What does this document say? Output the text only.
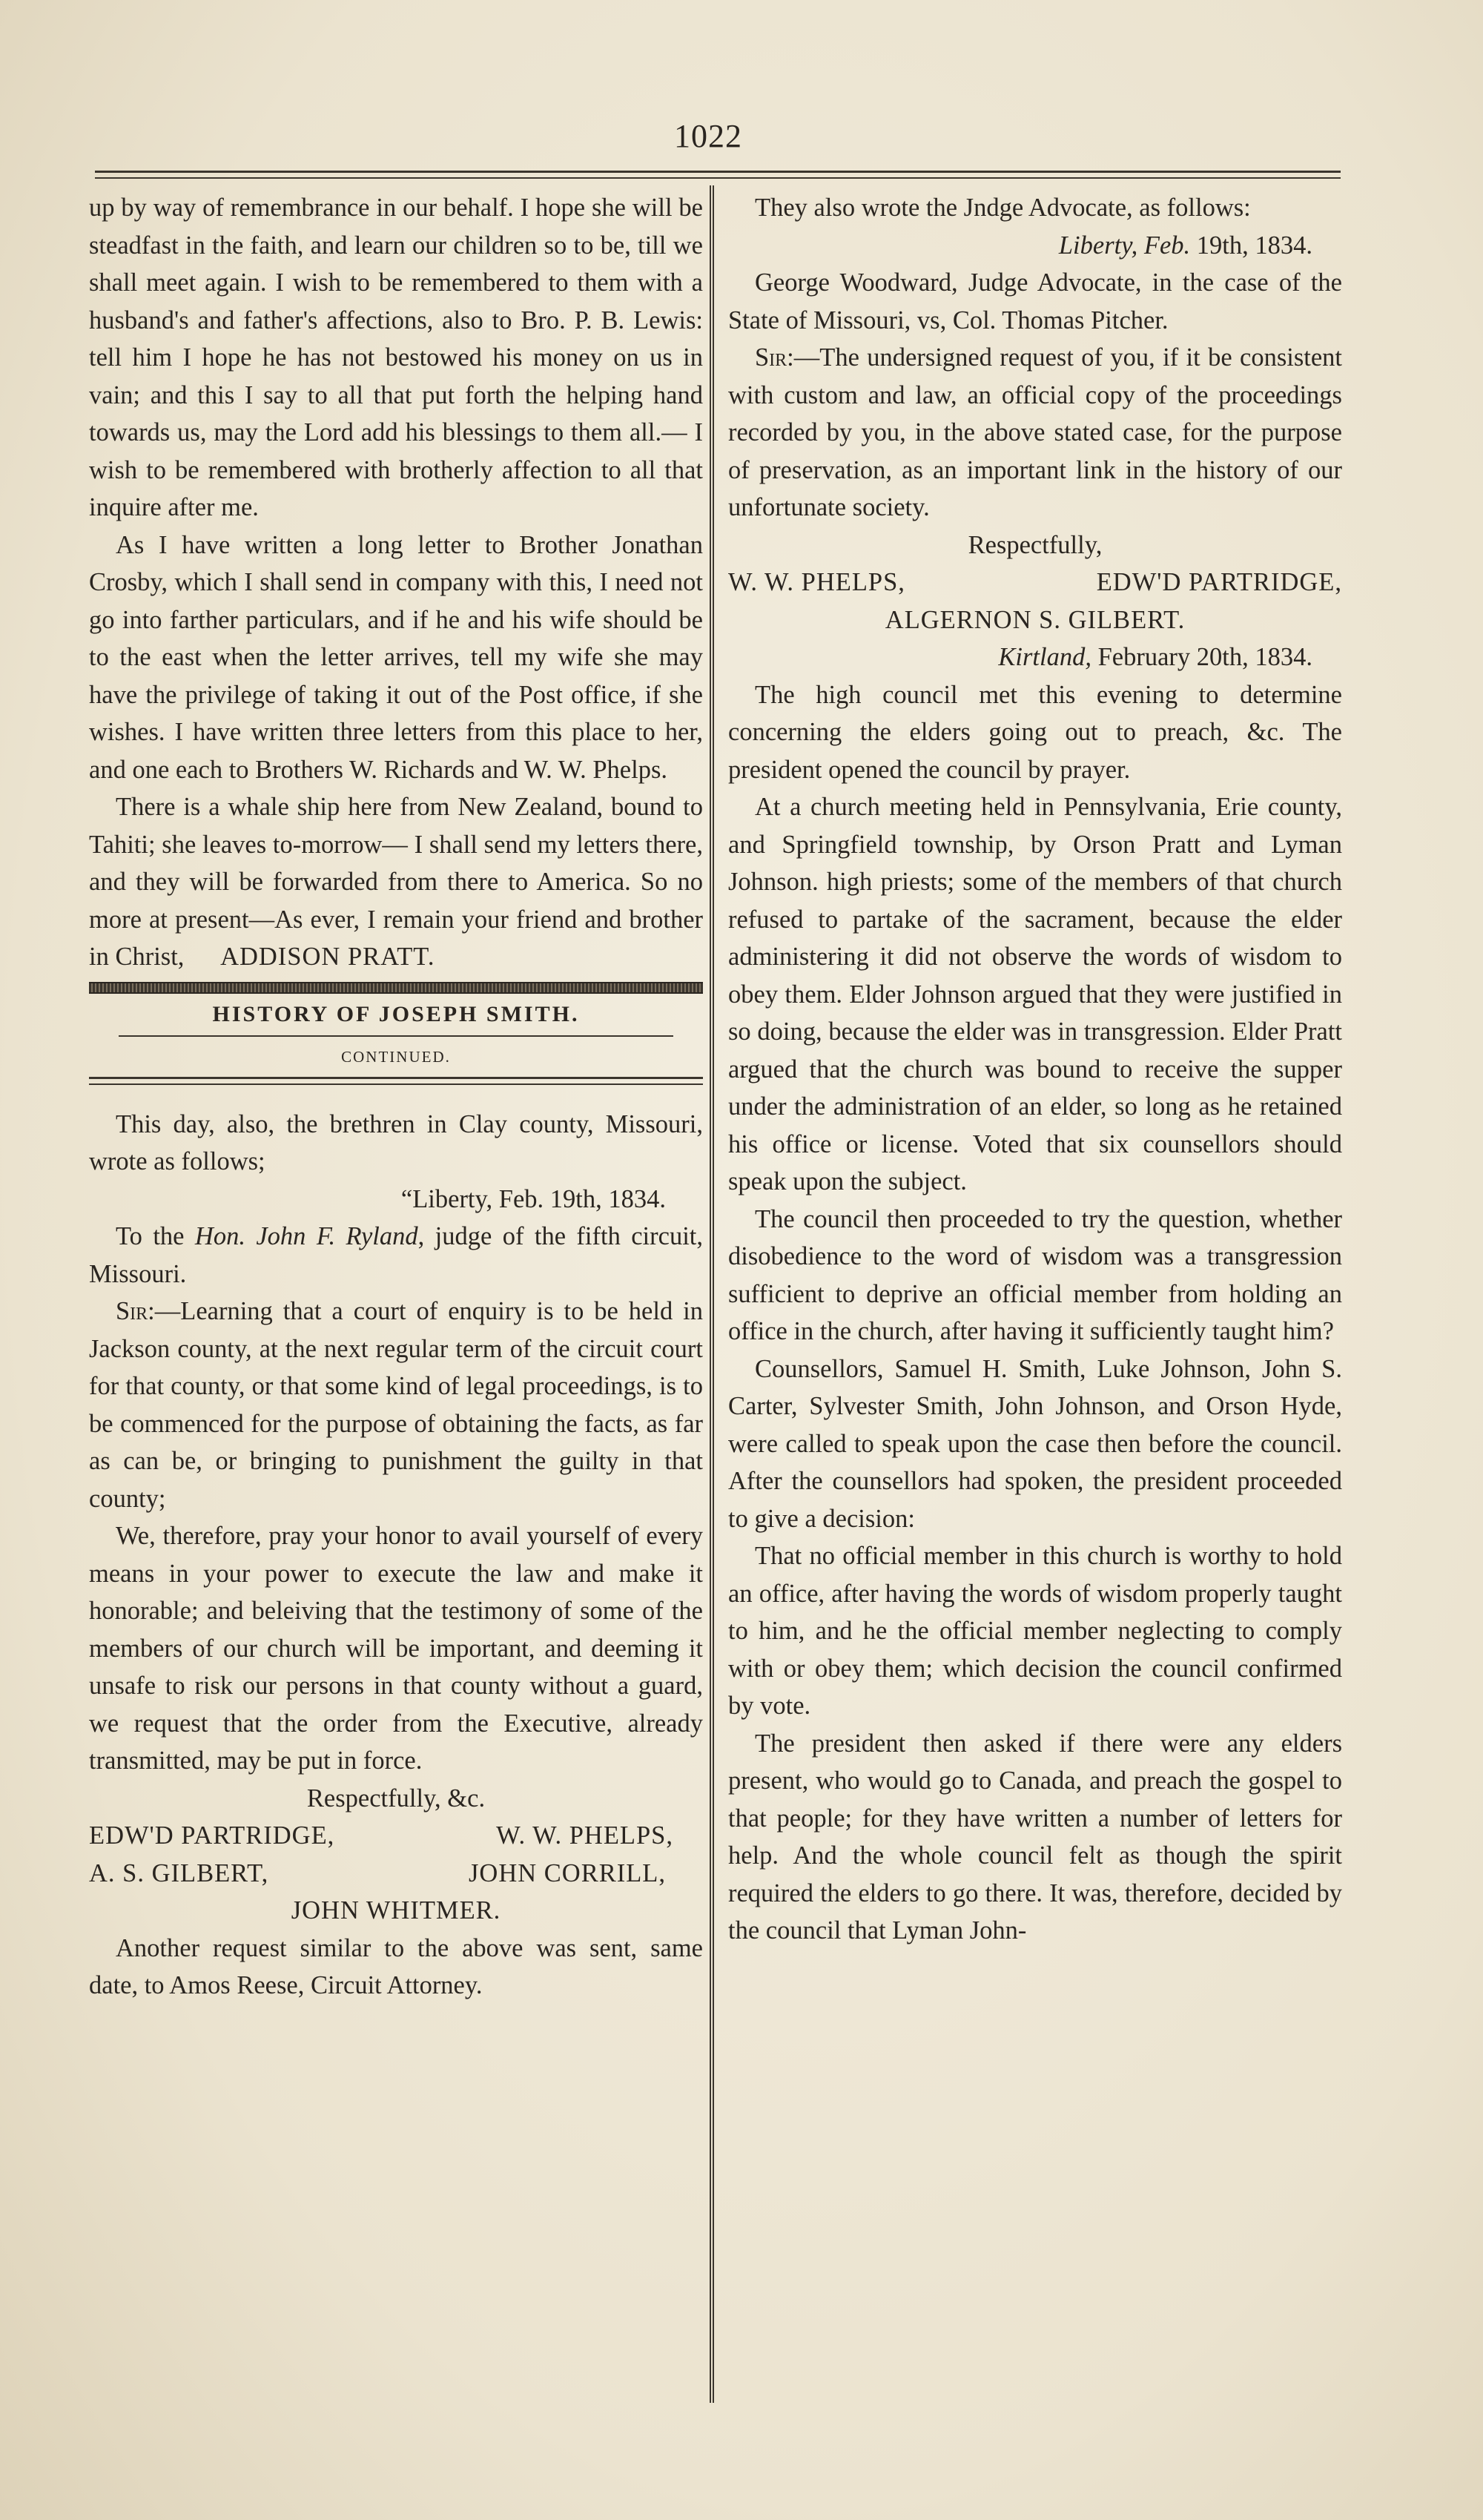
1022

up by way of remembrance in our behalf. I hope she will be steadfast in the faith, and learn our children so to be, till we shall meet again. I wish to be remembered to them with a husband's and father's affections, also to Bro. P. B. Lewis: tell him I hope he has not bestowed his money on us in vain; and this I say to all that put forth the helping hand towards us, may the Lord add his blessings to them all.— I wish to be remembered with brotherly affection to all that inquire after me.

As I have written a long letter to Brother Jonathan Crosby, which I shall send in company with this, I need not go into farther particulars, and if he and his wife should be to the east when the letter arrives, tell my wife she may have the privilege of taking it out of the Post office, if she wishes. I have written three letters from this place to her, and one each to Brothers W. Richards and W. W. Phelps.

There is a whale ship here from New Zealand, bound to Tahiti; she leaves to-morrow— I shall send my letters there, and they will be forwarded from there to America. So no more at present—As ever, I remain your friend and brother in Christ, ADDISON PRATT.

HISTORY OF JOSEPH SMITH.
CONTINUED.

This day, also, the brethren in Clay county, Missouri, wrote as follows;

“Liberty, Feb. 19th, 1834.

To the Hon. John F. Ryland, judge of the fifth circuit, Missouri.

Sir:—Learning that a court of enquiry is to be held in Jackson county, at the next regular term of the circuit court for that county, or that some kind of legal proceedings, is to be commenced for the purpose of obtaining the facts, as far as can be, or bringing to punishment the guilty in that county;

We, therefore, pray your honor to avail yourself of every means in your power to execute the law and make it honorable; and beleiving that the testimony of some of the members of our church will be important, and deeming it unsafe to risk our persons in that county without a guard, we request that the order from the Executive, already transmitted, may be put in force.

Respectfully, &c.

EDW'D PARTRIDGE,	W. W. PHELPS,
A. S. GILBERT,	JOHN CORRILL,
JOHN WHITMER.

Another request similar to the above was sent, same date, to Amos Reese, Circuit Attorney.

They also wrote the Jndge Advocate, as follows:

Liberty, Feb. 19th, 1834.

George Woodward, Judge Advocate, in the case of the State of Missouri, vs, Col. Thomas Pitcher.

Sir:—The undersigned request of you, if it be consistent with custom and law, an official copy of the proceedings recorded by you, in the above stated case, for the purpose of preservation, as an important link in the history of our unfortunate society.

Respectfully,

W. W. PHELPS,	EDW'D PARTRIDGE,
ALGERNON S. GILBERT.

Kirtland, February 20th, 1834.

The high council met this evening to determine concerning the elders going out to preach, &c. The president opened the council by prayer.

At a church meeting held in Pennsylvania, Erie county, and Springfield township, by Orson Pratt and Lyman Johnson. high priests; some of the members of that church refused to partake of the sacrament, because the elder administering it did not observe the words of wisdom to obey them. Elder Johnson argued that they were justified in so doing, because the elder was in transgression. Elder Pratt argued that the church was bound to receive the supper under the administration of an elder, so long as he retained his office or license. Voted that six counsellors should speak upon the subject.

The council then proceeded to try the question, whether disobedience to the word of wisdom was a transgression sufficient to deprive an official member from holding an office in the church, after having it sufficiently taught him?

Counsellors, Samuel H. Smith, Luke Johnson, John S. Carter, Sylvester Smith, John Johnson, and Orson Hyde, were called to speak upon the case then before the council. After the counsellors had spoken, the president proceeded to give a decision:

That no official member in this church is worthy to hold an office, after having the words of wisdom properly taught to him, and he the official member neglecting to comply with or obey them; which decision the council confirmed by vote.

The president then asked if there were any elders present, who would go to Canada, and preach the gospel to that people; for they have written a number of letters for help. And the whole council felt as though the spirit required the elders to go there. It was, therefore, decided by the council that Lyman John-
